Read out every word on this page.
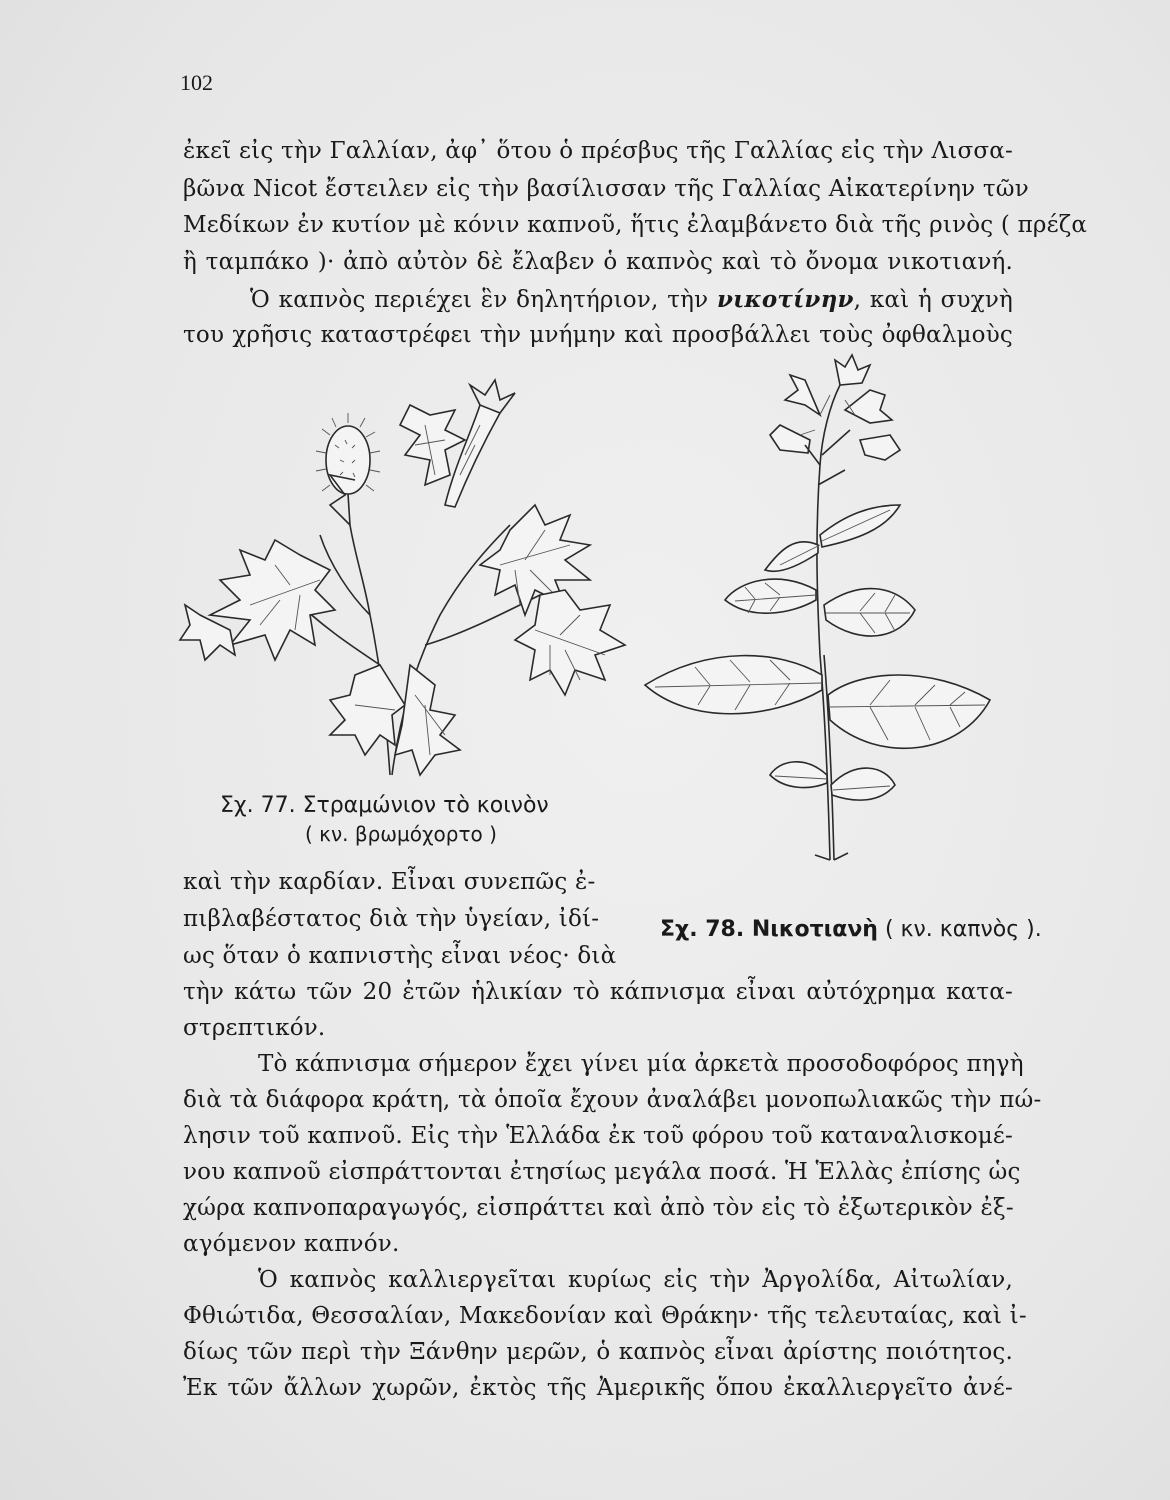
102
ἐκεῖ εἰς τὴν Γαλλίαν, ἀφ᾿ ὅτου ὁ πρέσβυς τῆς Γαλλίας εἰς τὴν Λισσα-
βῶνα Nicot ἔστειλεν εἰς τὴν βασίλισσαν τῆς Γαλλίας Αἰκατερίνην τῶν
Μεδίκων ἐν κυτίον μὲ κόνιν καπνοῦ, ἥτις ἐλαμβάνετο διὰ τῆς ρινὸς ( πρέζα
ἢ ταμπάκο )· ἀπὸ αὐτὸν δὲ ἔλαβεν ὁ καπνὸς καὶ τὸ ὄνομα νικοτιανή.
Ὁ καπνὸς περιέχει ἓν δηλητήριον, τὴν νικοτίνην, καὶ ἡ συχνὴ
του χρῆσις καταστρέφει τὴν μνήμην καὶ προσβάλλει τοὺς ὀφθαλμοὺς
Σχ. 77. Στραμώνιον τὸ κοινὸν
( κν. βρωμόχορτο )
Σχ. 78. Νικοτιανὴ ( κν. καπνὸς ).
καὶ τὴν καρδίαν. Εἶναι συνεπῶς ἐ-
πιβλαβέστατος διὰ τὴν ὑγείαν, ἰδί-
ως ὅταν ὁ καπνιστὴς εἶναι νέος· διὰ
τὴν κάτω τῶν 20 ἐτῶν ἡλικίαν τὸ κάπνισμα εἶναι αὐτόχρημα κατα-
στρεπτικόν.
Τὸ κάπνισμα σήμερον ἔχει γίνει μία ἀρκετὰ προσοδοφόρος πηγὴ
διὰ τὰ διάφορα κράτη, τὰ ὁποῖα ἔχουν ἀναλάβει μονοπωλιακῶς τὴν πώ-
λησιν τοῦ καπνοῦ. Εἰς τὴν Ἑλλάδα ἐκ τοῦ φόρου τοῦ καταναλισκομέ-
νου καπνοῦ εἰσπράττονται ἐτησίως μεγάλα ποσά. Ἡ Ἑλλὰς ἐπίσης ὡς
χώρα καπνοπαραγωγός, εἰσπράττει καὶ ἀπὸ τὸν εἰς τὸ ἐξωτερικὸν ἐξ-
αγόμενον καπνόν.
Ὁ καπνὸς καλλιεργεῖται κυρίως εἰς τὴν Ἀργολίδα, Αἰτωλίαν,
Φθιώτιδα, Θεσσαλίαν, Μακεδονίαν καὶ Θράκην· τῆς τελευταίας, καὶ ἰ-
δίως τῶν περὶ τὴν Ξάνθην μερῶν, ὁ καπνὸς εἶναι ἀρίστης ποιότητος.
Ἐκ τῶν ἄλλων χωρῶν, ἐκτὸς τῆς Ἀμερικῆς ὅπου ἐκαλλιεργεῖτο ἀνέ-
